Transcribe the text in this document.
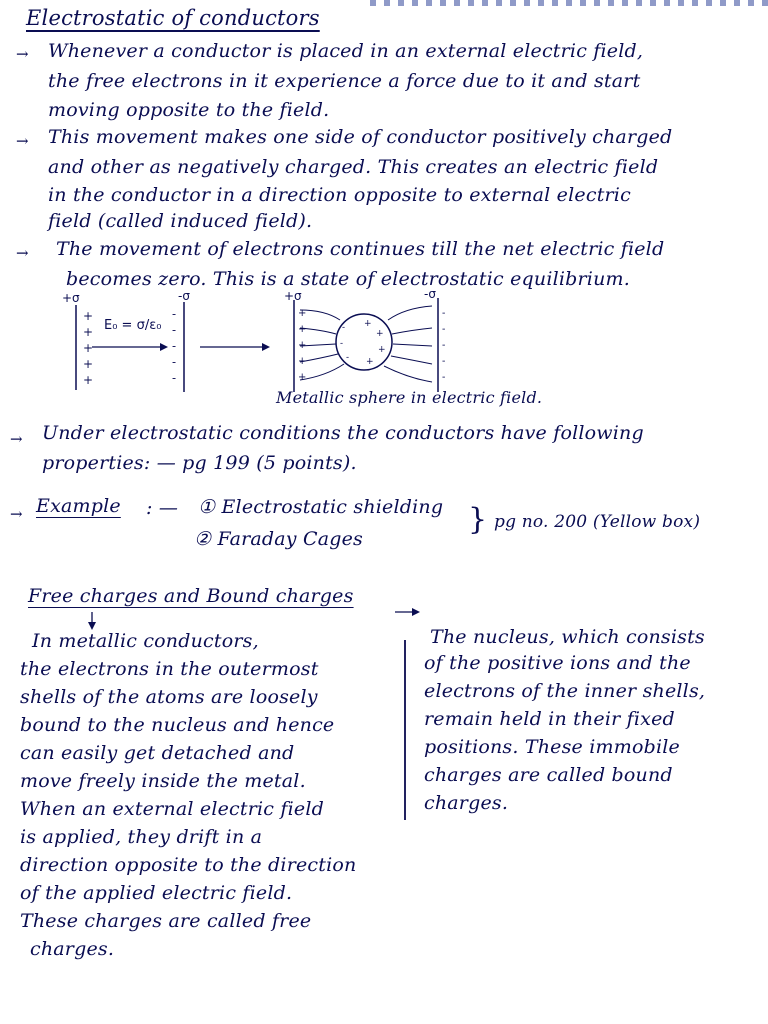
Electrostatic of conductors
→ Whenever a conductor is placed in an external electric field,
the free electrons in it experience a force due to it and start
moving opposite to the field.
→ This movement makes one side of conductor positively charged
and other as negatively charged. This creates an electric field
in the conductor in a direction opposite to external electric
field (called induced field).
→ The movement of electrons continues till the net electric field
becomes zero. This is a state of electrostatic equilibrium.
+
+
+
+
+
-
-
-
-
-
+
+
+
+
+
+
+
+
+
-
-
-
-
-
-
-
-
+σ	-σ	+σ	-σ
E₀ = σ/ε₀
Metallic sphere in electric field.
→ Under electrostatic conditions the conductors have following
properties: — pg 199 (5 points).
→ Example : — ① Electrostatic shielding
② Faraday Cages
} pg no. 200 (Yellow box)
Free charges and Bound charges
In metallic conductors,
the electrons in the outermost
shells of the atoms are loosely
bound to the nucleus and hence
can easily get detached and
move freely inside the metal.
When an external electric field
is applied, they drift in a
direction opposite to the direction
of the applied electric field.
These charges are called free
charges.
The nucleus, which consists
of the positive ions and the
electrons of the inner shells,
remain held in their fixed
positions. These immobile
charges are called bound
charges.
